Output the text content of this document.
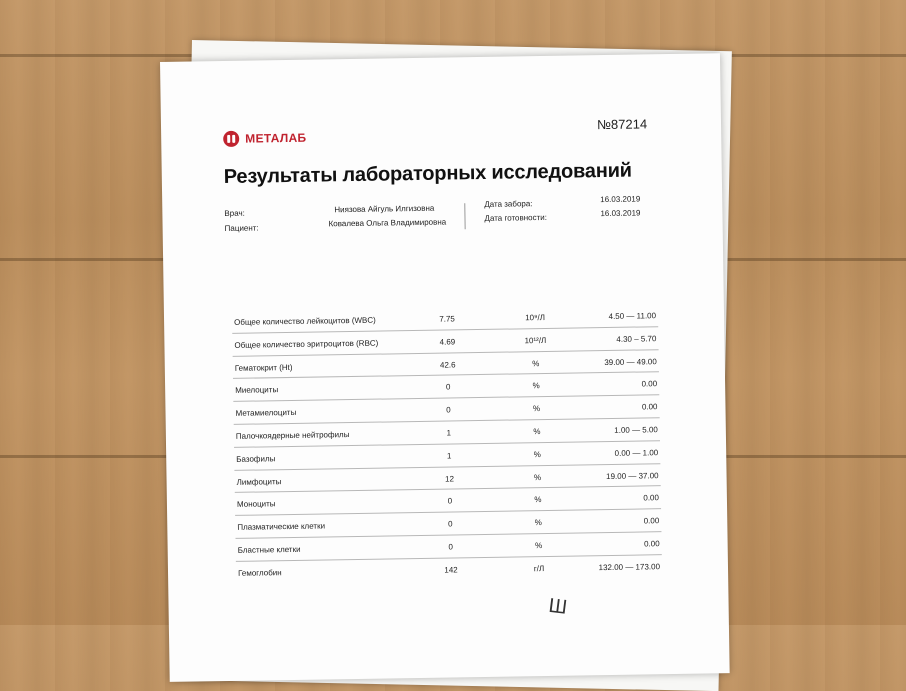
МЕТАЛАБ
№87214
Результаты лабораторных исследований
Врач:	Ниязова Айгуль Илгизовна
Пациент:	Ковалева Ольга Владимировна
Дата забора:	16.03.2019
Дата готовности:	16.03.2019
Общее количество лейкоцитов (WBC)	7.75	10⁹/Л	4.50 — 11.00
Общее количество эритроцитов (RBC)	4.69	10¹²/Л	4.30 – 5.70
Гематокрит (Ht)	42.6	%	39.00 — 49.00
Миелоциты	0	%	0.00
Метамиелоциты	0	%	0.00
Палочкоядерные нейтрофилы	1	%	1.00 — 5.00
Базофилы	1	%	0.00 — 1.00
Лимфоциты	12	%	19.00 — 37.00
Моноциты	0	%	0.00
Плазматические клетки	0	%	0.00
Бластные клетки	0	%	0.00
Гемоглобин	142	г/Л	132.00 — 173.00
Ш
